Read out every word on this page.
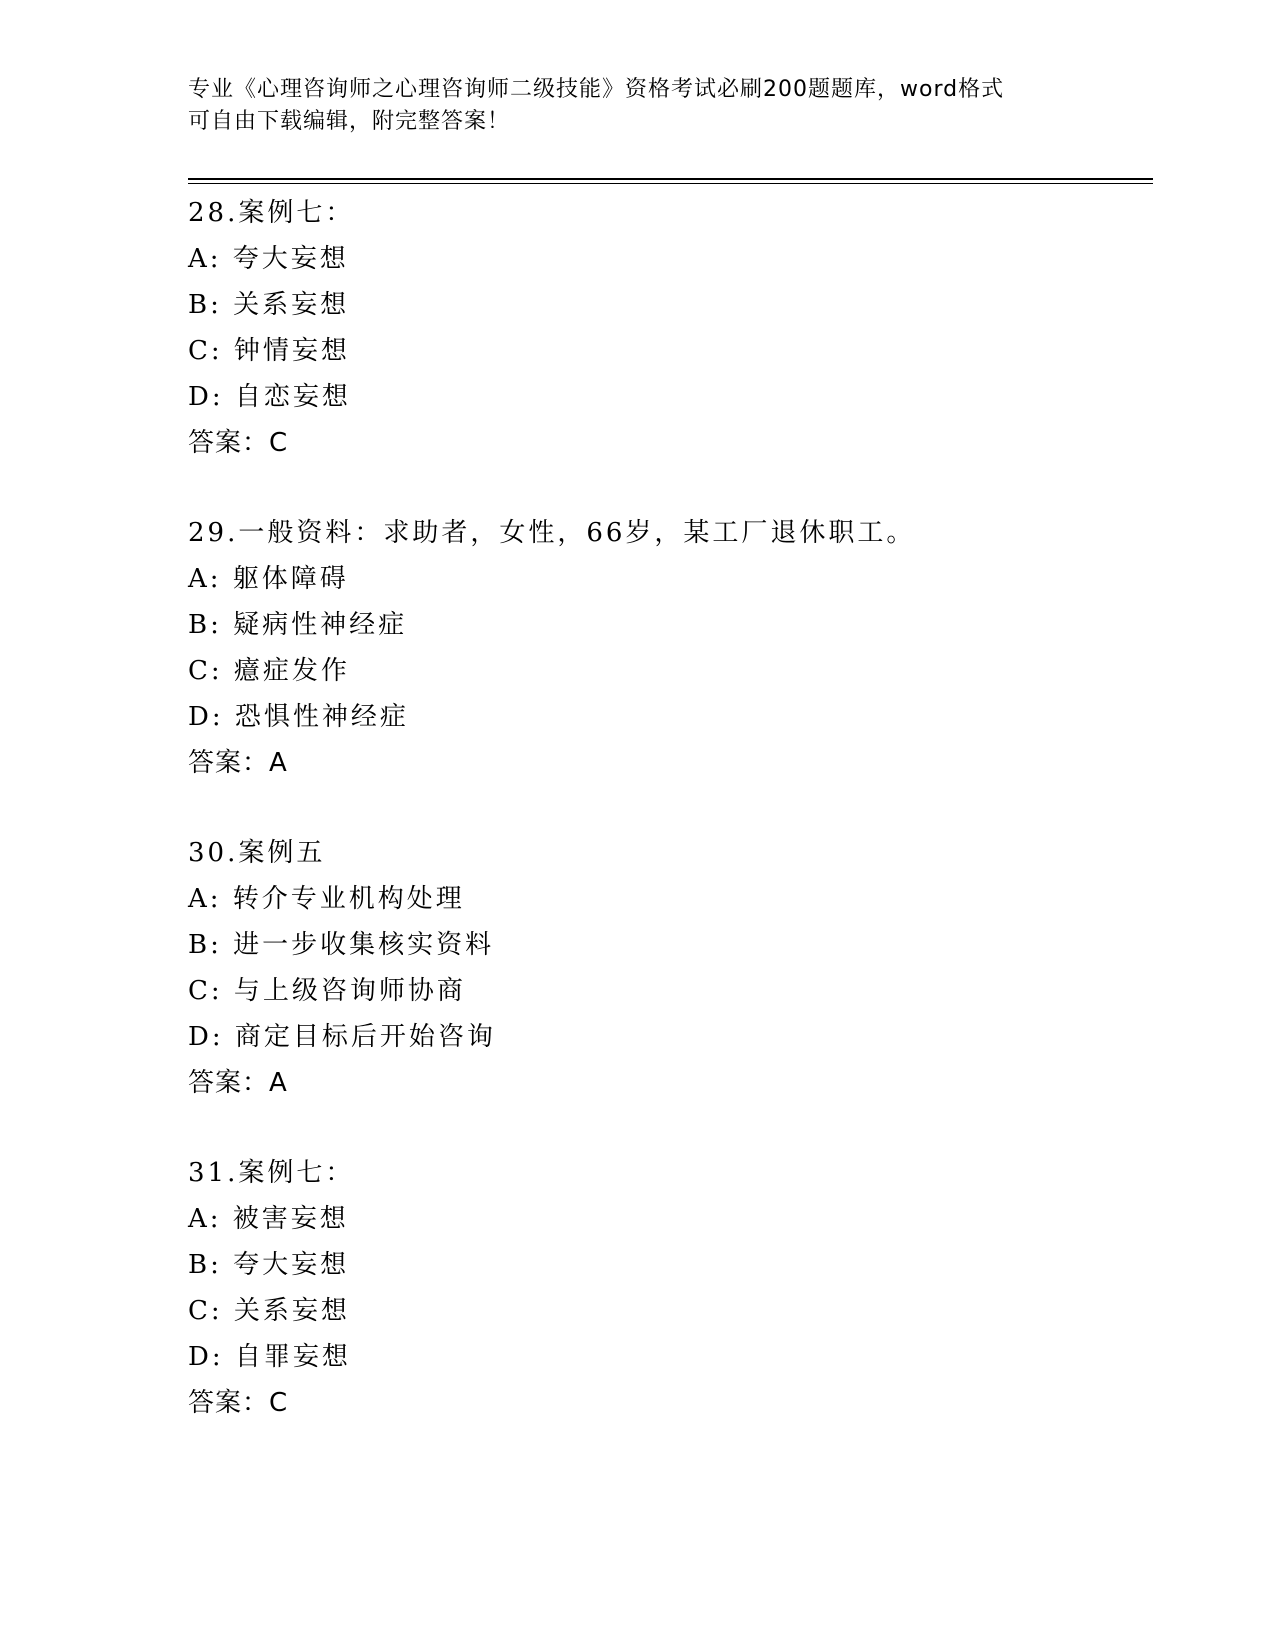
专业《心理咨询师之心理咨询师二级技能》资格考试必刷200题题库，word格式
可自由下载编辑，附完整答案！
28.案例七：
A: 夸大妄想
B: 关系妄想
C: 钟情妄想
D: 自恋妄想
答案：C
29.一般资料：求助者，女性，66岁，某工厂退休职工。
A: 躯体障碍
B: 疑病性神经症
C: 癔症发作
D: 恐惧性神经症
答案：A
30.案例五
A: 转介专业机构处理
B: 进一步收集核实资料
C: 与上级咨询师协商
D: 商定目标后开始咨询
答案：A
31.案例七：
A: 被害妄想
B: 夸大妄想
C: 关系妄想
D: 自罪妄想
答案：C
